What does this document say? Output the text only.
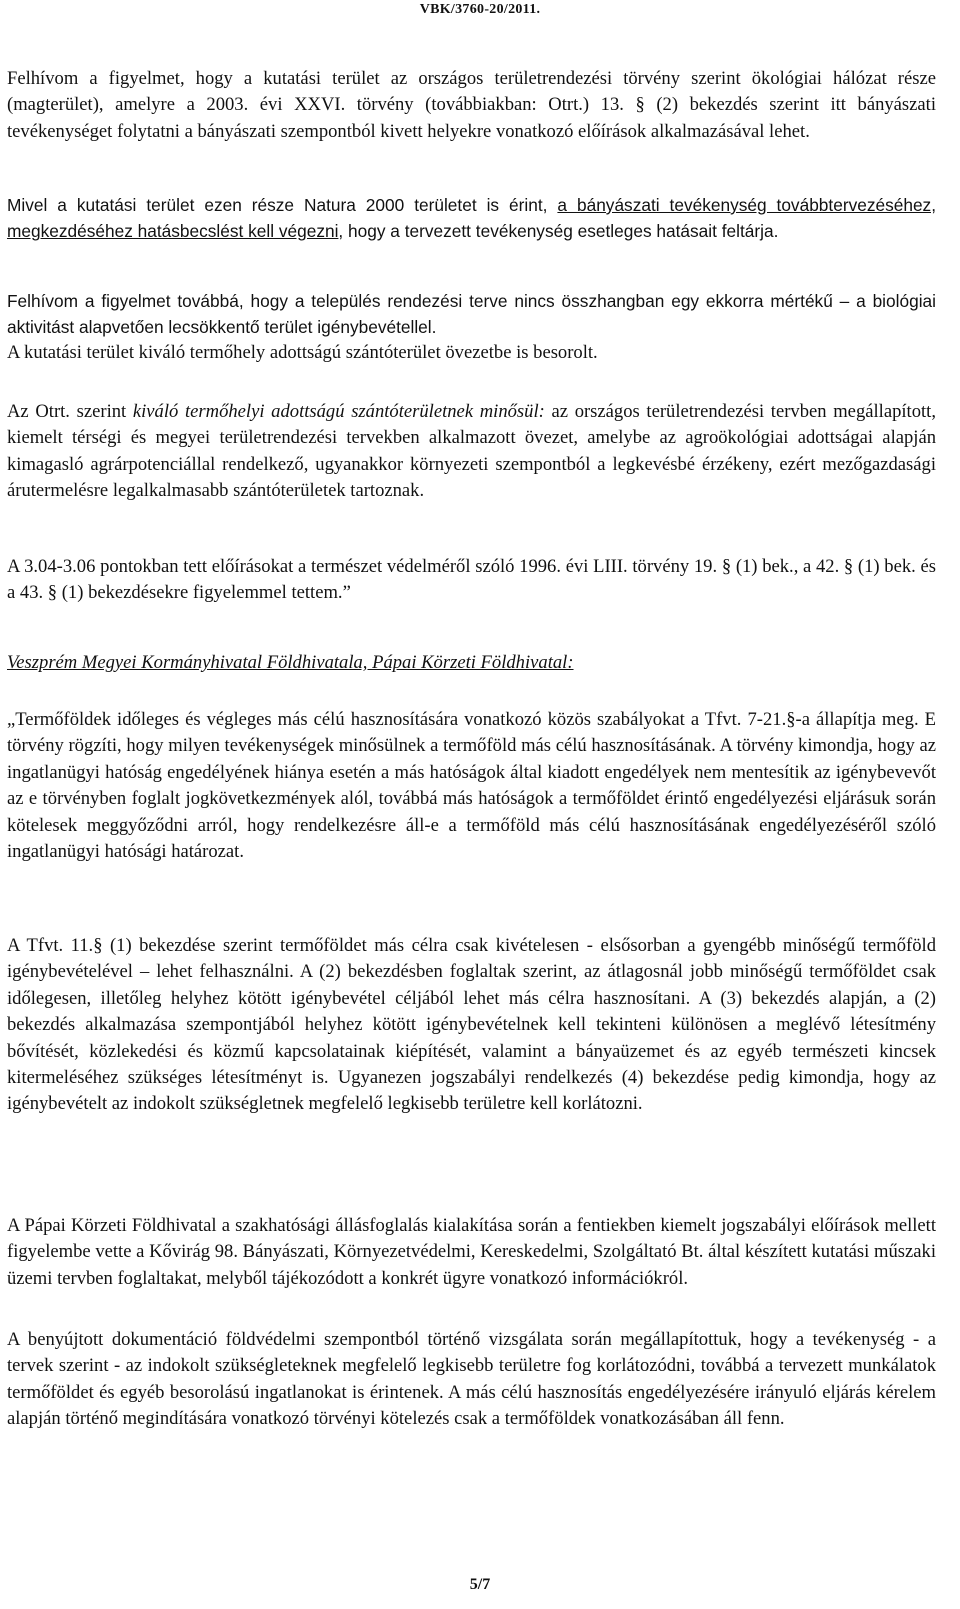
VBK/3760-20/2011.

Felhívom a figyelmet, hogy a kutatási terület az országos területrendezési törvény szerint ökológiai hálózat része (magterület), amelyre a 2003. évi XXVI. törvény (továbbiakban: Otrt.) 13. § (2) bekezdés szerint itt bányászati tevékenységet folytatni a bányászati szempontból kivett helyekre vonatkozó előírások alkalmazásával lehet.

Mivel a kutatási terület ezen része Natura 2000 területet is érint, a bányászati tevékenység továbbtervezéséhez, megkezdéséhez hatásbecslést kell végezni, hogy a tervezett tevékenység esetleges hatásait feltárja.

Felhívom a figyelmet továbbá, hogy a település rendezési terve nincs összhangban egy ekkorra mértékű – a biológiai aktivitást alapvetően lecsökkentő terület igénybevétellel.

A kutatási terület kiváló termőhely adottságú szántóterület övezetbe is besorolt.

Az Otrt. szerint kiváló termőhelyi adottságú szántóterületnek minősül: az országos területrendezési tervben megállapított, kiemelt térségi és megyei területrendezési tervekben alkalmazott övezet, amelybe az agroökológiai adottságai alapján kimagasló agrárpotenciállal rendelkező, ugyanakkor környezeti szempontból a legkevésbé érzékeny, ezért mezőgazdasági árutermelésre legalkalmasabb szántóterületek tartoznak.

A 3.04-3.06 pontokban tett előírásokat a természet védelméről szóló 1996. évi LIII. törvény 19. § (1) bek., a 42. § (1) bek. és a 43. § (1) bekezdésekre figyelemmel tettem.”

Veszprém Megyei Kormányhivatal Földhivatala, Pápai Körzeti Földhivatal:

„Termőföldek időleges és végleges más célú hasznosítására vonatkozó közös szabályokat a Tfvt. 7-21.§-a állapítja meg. E törvény rögzíti, hogy milyen tevékenységek minősülnek a termőföld más célú hasznosításának. A törvény kimondja, hogy az ingatlanügyi hatóság engedélyének hiánya esetén a más hatóságok által kiadott engedélyek nem mentesítik az igénybevevőt az e törvényben foglalt jogkövetkezmények alól, továbbá más hatóságok a termőföldet érintő engedélyezési eljárásuk során kötelesek meggyőződni arról, hogy rendelkezésre áll-e a termőföld más célú hasznosításának engedélyezéséről szóló ingatlanügyi hatósági határozat.

A Tfvt. 11.§ (1) bekezdése szerint termőföldet más célra csak kivételesen - elsősorban a gyengébb minőségű termőföld igénybevételével – lehet felhasználni. A (2) bekezdésben foglaltak szerint, az átlagosnál jobb minőségű termőföldet csak időlegesen, illetőleg helyhez kötött igénybevétel céljából lehet más célra hasznosítani. A (3) bekezdés alapján, a (2) bekezdés alkalmazása szempontjából helyhez kötött igénybevételnek kell tekinteni különösen a meglévő létesítmény bővítését, közlekedési és közmű kapcsolatainak kiépítését, valamint a bányaüzemet és az egyéb természeti kincsek kitermeléséhez szükséges létesítményt is. Ugyanezen jogszabályi rendelkezés (4) bekezdése pedig kimondja, hogy az igénybevételt az indokolt szükségletnek megfelelő legkisebb területre kell korlátozni.

A Pápai Körzeti Földhivatal a szakhatósági állásfoglalás kialakítása során a fentiekben kiemelt jogszabályi előírások mellett figyelembe vette a Kővirág 98. Bányászati, Környezetvédelmi, Kereskedelmi, Szolgáltató Bt. által készített kutatási műszaki üzemi tervben foglaltakat, melyből tájékozódott a konkrét ügyre vonatkozó információkról.

A benyújtott dokumentáció földvédelmi szempontból történő vizsgálata során megállapítottuk, hogy a tevékenység - a tervek szerint - az indokolt szükségleteknek megfelelő legkisebb területre fog korlátozódni, továbbá a tervezett munkálatok termőföldet és egyéb besorolású ingatlanokat is érintenek. A más célú hasznosítás engedélyezésére irányuló eljárás kérelem alapján történő megindítására vonatkozó törvényi kötelezés csak a termőföldek vonatkozásában áll fenn.

5/7
